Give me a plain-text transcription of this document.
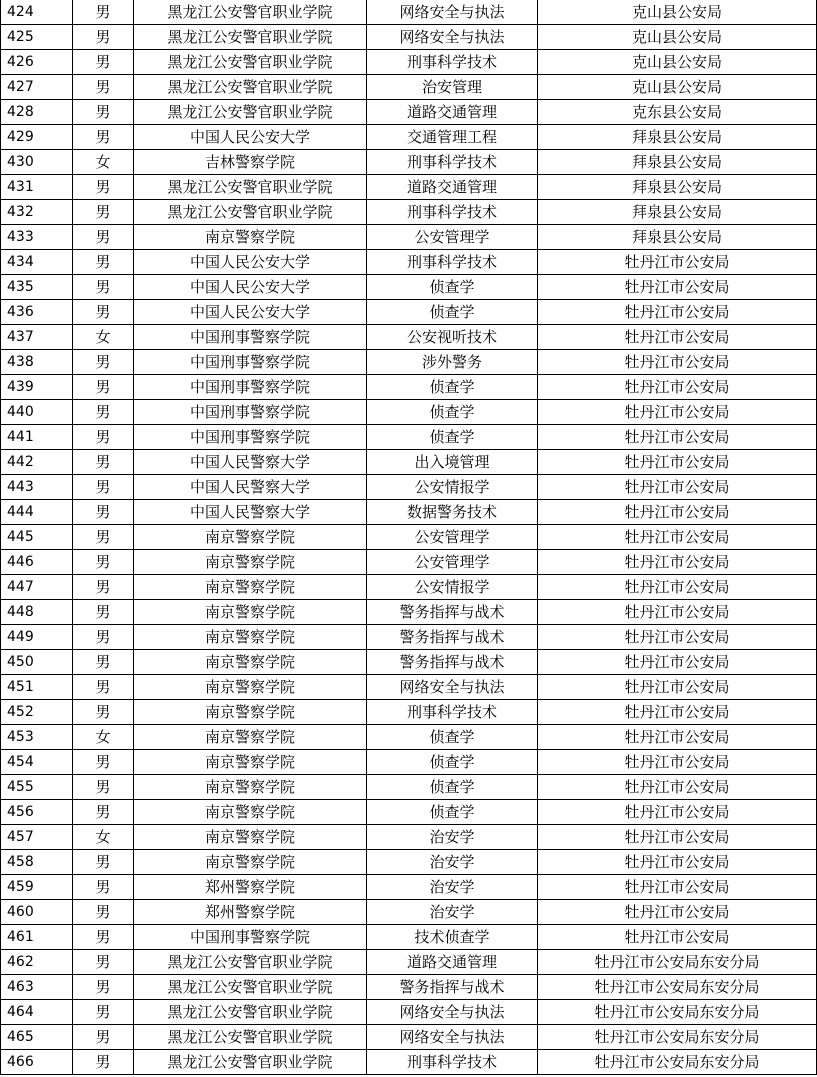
424	男	黑龙江公安警官职业学院	网络安全与执法	克山县公安局
425	男	黑龙江公安警官职业学院	网络安全与执法	克山县公安局
426	男	黑龙江公安警官职业学院	刑事科学技术	克山县公安局
427	男	黑龙江公安警官职业学院	治安管理	克山县公安局
428	男	黑龙江公安警官职业学院	道路交通管理	克东县公安局
429	男	中国人民公安大学	交通管理工程	拜泉县公安局
430	女	吉林警察学院	刑事科学技术	拜泉县公安局
431	男	黑龙江公安警官职业学院	道路交通管理	拜泉县公安局
432	男	黑龙江公安警官职业学院	刑事科学技术	拜泉县公安局
433	男	南京警察学院	公安管理学	拜泉县公安局
434	男	中国人民公安大学	刑事科学技术	牡丹江市公安局
435	男	中国人民公安大学	侦查学	牡丹江市公安局
436	男	中国人民公安大学	侦查学	牡丹江市公安局
437	女	中国刑事警察学院	公安视听技术	牡丹江市公安局
438	男	中国刑事警察学院	涉外警务	牡丹江市公安局
439	男	中国刑事警察学院	侦查学	牡丹江市公安局
440	男	中国刑事警察学院	侦查学	牡丹江市公安局
441	男	中国刑事警察学院	侦查学	牡丹江市公安局
442	男	中国人民警察大学	出入境管理	牡丹江市公安局
443	男	中国人民警察大学	公安情报学	牡丹江市公安局
444	男	中国人民警察大学	数据警务技术	牡丹江市公安局
445	男	南京警察学院	公安管理学	牡丹江市公安局
446	男	南京警察学院	公安管理学	牡丹江市公安局
447	男	南京警察学院	公安情报学	牡丹江市公安局
448	男	南京警察学院	警务指挥与战术	牡丹江市公安局
449	男	南京警察学院	警务指挥与战术	牡丹江市公安局
450	男	南京警察学院	警务指挥与战术	牡丹江市公安局
451	男	南京警察学院	网络安全与执法	牡丹江市公安局
452	男	南京警察学院	刑事科学技术	牡丹江市公安局
453	女	南京警察学院	侦查学	牡丹江市公安局
454	男	南京警察学院	侦查学	牡丹江市公安局
455	男	南京警察学院	侦查学	牡丹江市公安局
456	男	南京警察学院	侦查学	牡丹江市公安局
457	女	南京警察学院	治安学	牡丹江市公安局
458	男	南京警察学院	治安学	牡丹江市公安局
459	男	郑州警察学院	治安学	牡丹江市公安局
460	男	郑州警察学院	治安学	牡丹江市公安局
461	男	中国刑事警察学院	技术侦查学	牡丹江市公安局
462	男	黑龙江公安警官职业学院	道路交通管理	牡丹江市公安局东安分局
463	男	黑龙江公安警官职业学院	警务指挥与战术	牡丹江市公安局东安分局
464	男	黑龙江公安警官职业学院	网络安全与执法	牡丹江市公安局东安分局
465	男	黑龙江公安警官职业学院	网络安全与执法	牡丹江市公安局东安分局
466	男	黑龙江公安警官职业学院	刑事科学技术	牡丹江市公安局东安分局
